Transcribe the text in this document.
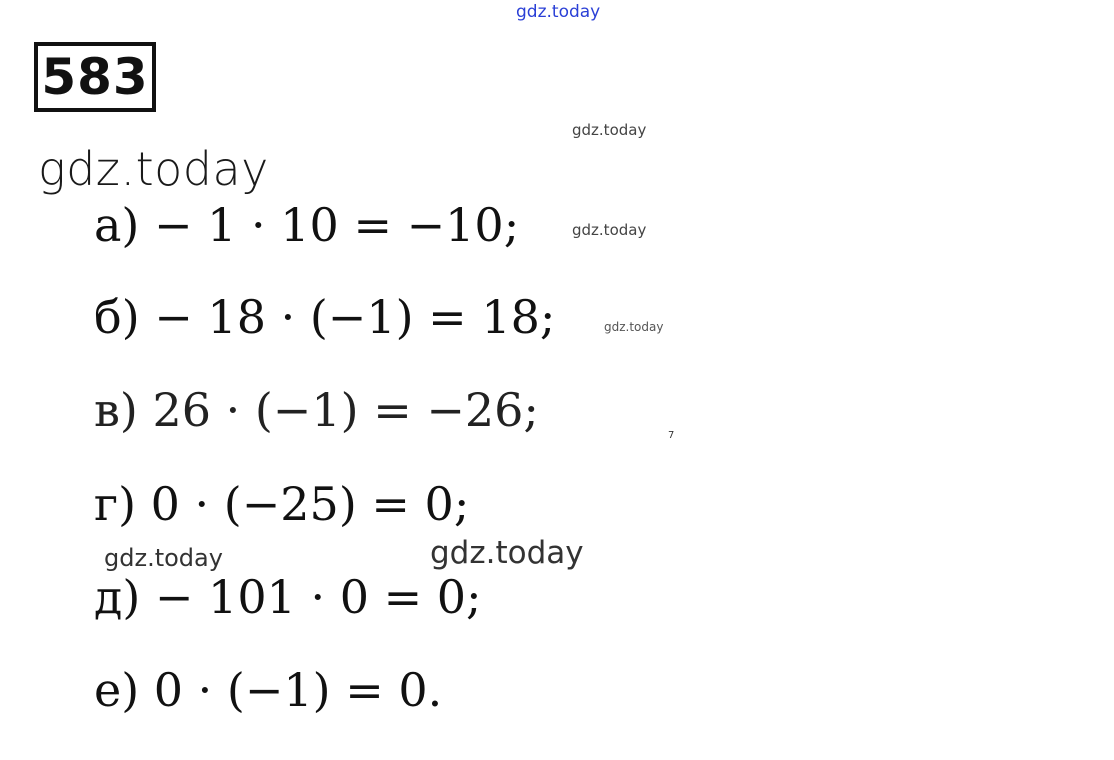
gdz.today
583
gdz.today
gdz.today
gdz.today
gdz.today
а) − 1 · 10 = −10;
б) − 18 · (−1) = 18;
в) 26 · (−1) = −26;	7
г) 0 · (−25) = 0;
gdz.today	gdz.today
д) − 101 · 0 = 0;
е) 0 · (−1) = 0.
